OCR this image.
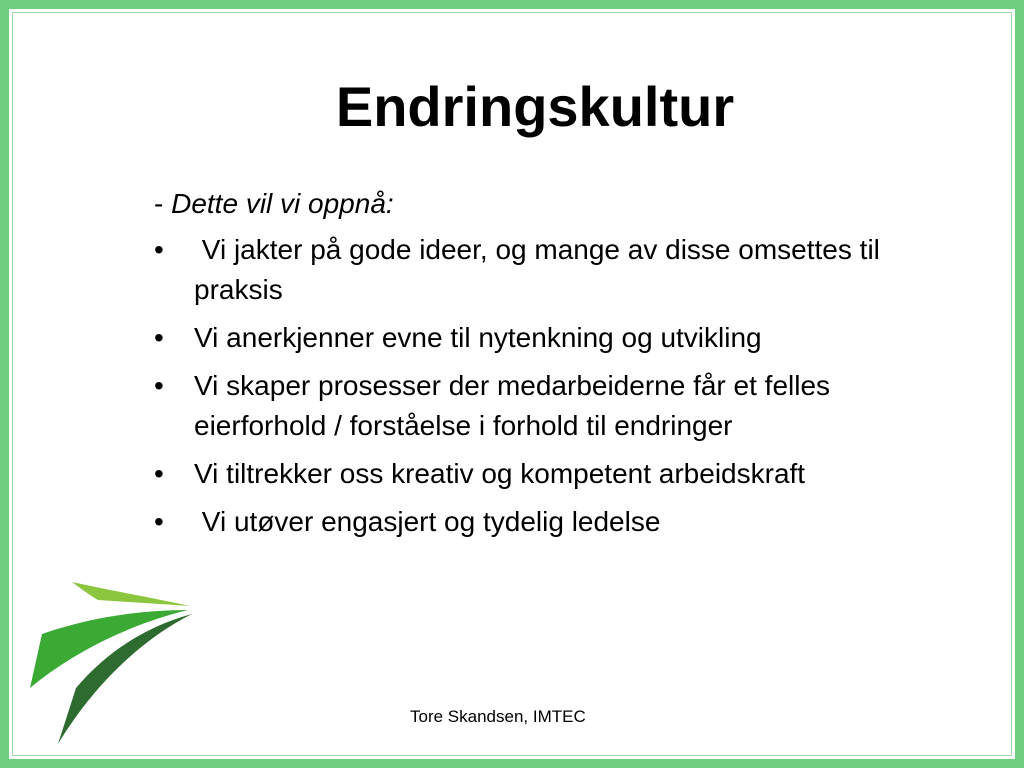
Endringskultur
- Dette vil vi oppnå:
•	Vi jakter på gode ideer, og mange av disse omsettes til praksis
•	Vi anerkjenner evne til nytenkning og utvikling
•	Vi skaper prosesser der medarbeiderne får et felles eierforhold / forståelse i forhold til endringer
•	Vi tiltrekker oss kreativ og kompetent arbeidskraft
•	Vi utøver engasjert og tydelig ledelse
Tore Skandsen, IMTEC
